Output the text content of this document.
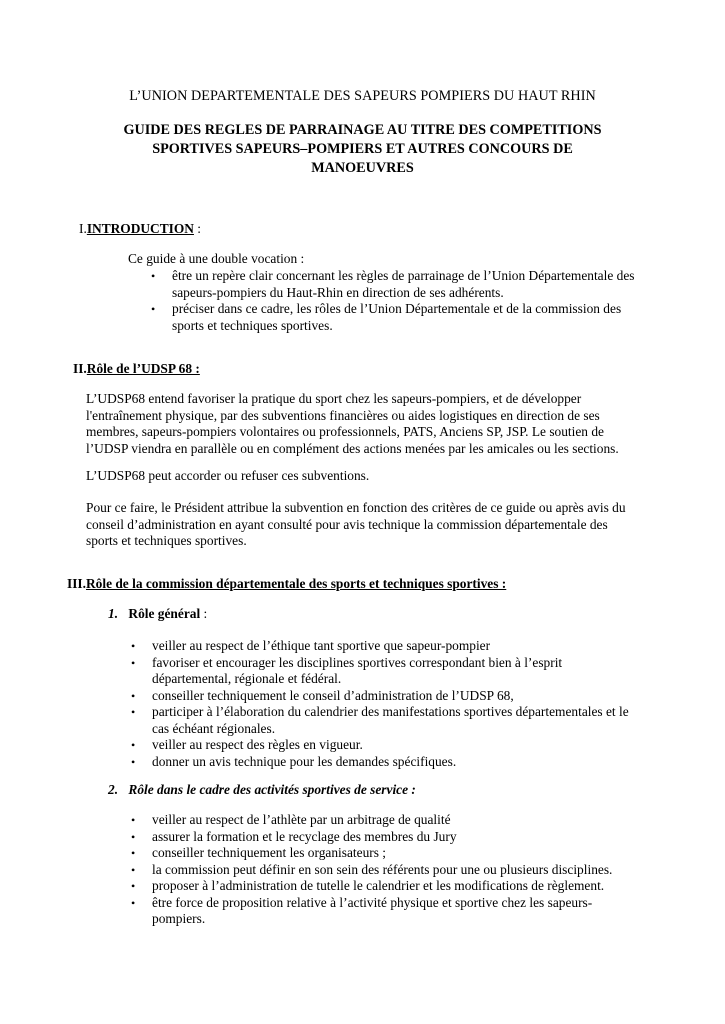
L’UNION DEPARTEMENTALE DES SAPEURS POMPIERS DU HAUT RHIN
GUIDE DES REGLES DE PARRAINAGE AU TITRE DES COMPETITIONS
SPORTIVES SAPEURS–POMPIERS ET AUTRES CONCOURS DE
MANOEUVRES
I.INTRODUCTION :
Ce guide à une double vocation :
• être un repère clair concernant les règles de parrainage de l’Union Départementale des
sapeurs-pompiers du Haut-Rhin en direction de ses adhérents.
• préciser dans ce cadre, les rôles de l’Union Départementale et de la commission des
sports et techniques sportives.
II.Rôle de l’UDSP 68 :
L’UDSP68 entend favoriser la pratique du sport chez les sapeurs-pompiers, et de développer
l'entraînement physique, par des subventions financières ou aides logistiques en direction de ses
membres, sapeurs-pompiers volontaires ou professionnels, PATS, Anciens SP, JSP. Le soutien de
l’UDSP viendra en parallèle ou en complément des actions menées par les amicales ou les sections.
L’UDSP68 peut accorder ou refuser ces subventions.
Pour ce faire, le Président attribue la subvention en fonction des critères de ce guide ou après avis du
conseil d’administration en ayant consulté pour avis technique la commission départementale des
sports et techniques sportives.
III.Rôle de la commission départementale des sports et techniques sportives :
1. Rôle général :
• veiller au respect de l’éthique tant sportive que sapeur-pompier
• favoriser et encourager les disciplines sportives correspondant bien à l’esprit
départemental, régionale et fédéral.
• conseiller techniquement le conseil d’administration de l’UDSP 68,
• participer à l’élaboration du calendrier des manifestations sportives départementales et le
cas échéant régionales.
• veiller au respect des règles en vigueur.
• donner un avis technique pour les demandes spécifiques.
2. Rôle dans le cadre des activités sportives de service :
• veiller au respect de l’athlète par un arbitrage de qualité
• assurer la formation et le recyclage des membres du Jury
• conseiller techniquement les organisateurs ;
• la commission peut définir en son sein des référents pour une ou plusieurs disciplines.
• proposer à l’administration de tutelle le calendrier et les modifications de règlement.
• être force de proposition relative à l’activité physique et sportive chez les sapeurs-
pompiers.
